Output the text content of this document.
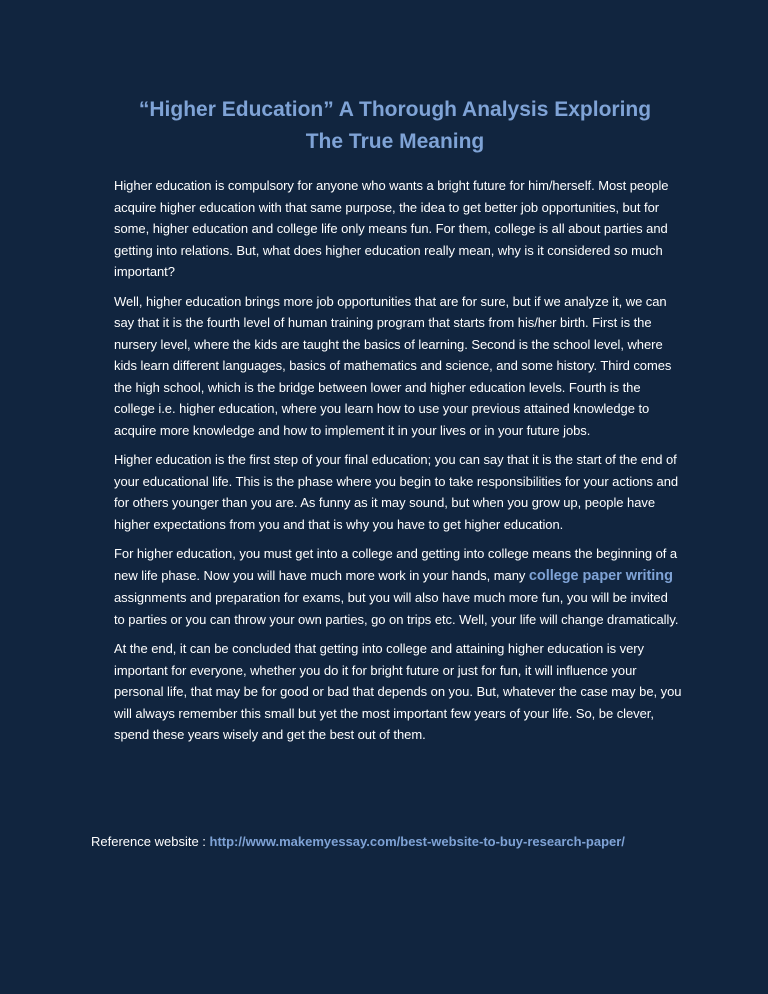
“Higher Education” A Thorough Analysis Exploring
The True Meaning

Higher education is compulsory for anyone who wants a bright future for him/herself. Most people acquire higher education with that same purpose, the idea to get better job opportunities, but for some, higher education and college life only means fun. For them, college is all about parties and getting into relations. But, what does higher education really mean, why is it considered so much important?

Well, higher education brings more job opportunities that are for sure, but if we analyze it, we can say that it is the fourth level of human training program that starts from his/her birth. First is the nursery level, where the kids are taught the basics of learning. Second is the school level, where kids learn different languages, basics of mathematics and science, and some history. Third comes the high school, which is the bridge between lower and higher education levels. Fourth is the college i.e. higher education, where you learn how to use your previous attained knowledge to acquire more knowledge and how to implement it in your lives or in your future jobs.

Higher education is the first step of your final education; you can say that it is the start of the end of your educational life. This is the phase where you begin to take responsibilities for your actions and for others younger than you are. As funny as it may sound, but when you grow up, people have higher expectations from you and that is why you have to get higher education.

For higher education, you must get into a college and getting into college means the beginning of a new life phase. Now you will have much more work in your hands, many college paper writing assignments and preparation for exams, but you will also have much more fun, you will be invited to parties or you can throw your own parties, go on trips etc. Well, your life will change dramatically.

At the end, it can be concluded that getting into college and attaining higher education is very important for everyone, whether you do it for bright future or just for fun, it will influence your personal life, that may be for good or bad that depends on you. But, whatever the case may be, you will always remember this small but yet the most important few years of your life. So, be clever, spend these years wisely and get the best out of them.

Reference website : http://www.makemyessay.com/best-website-to-buy-research-paper/
